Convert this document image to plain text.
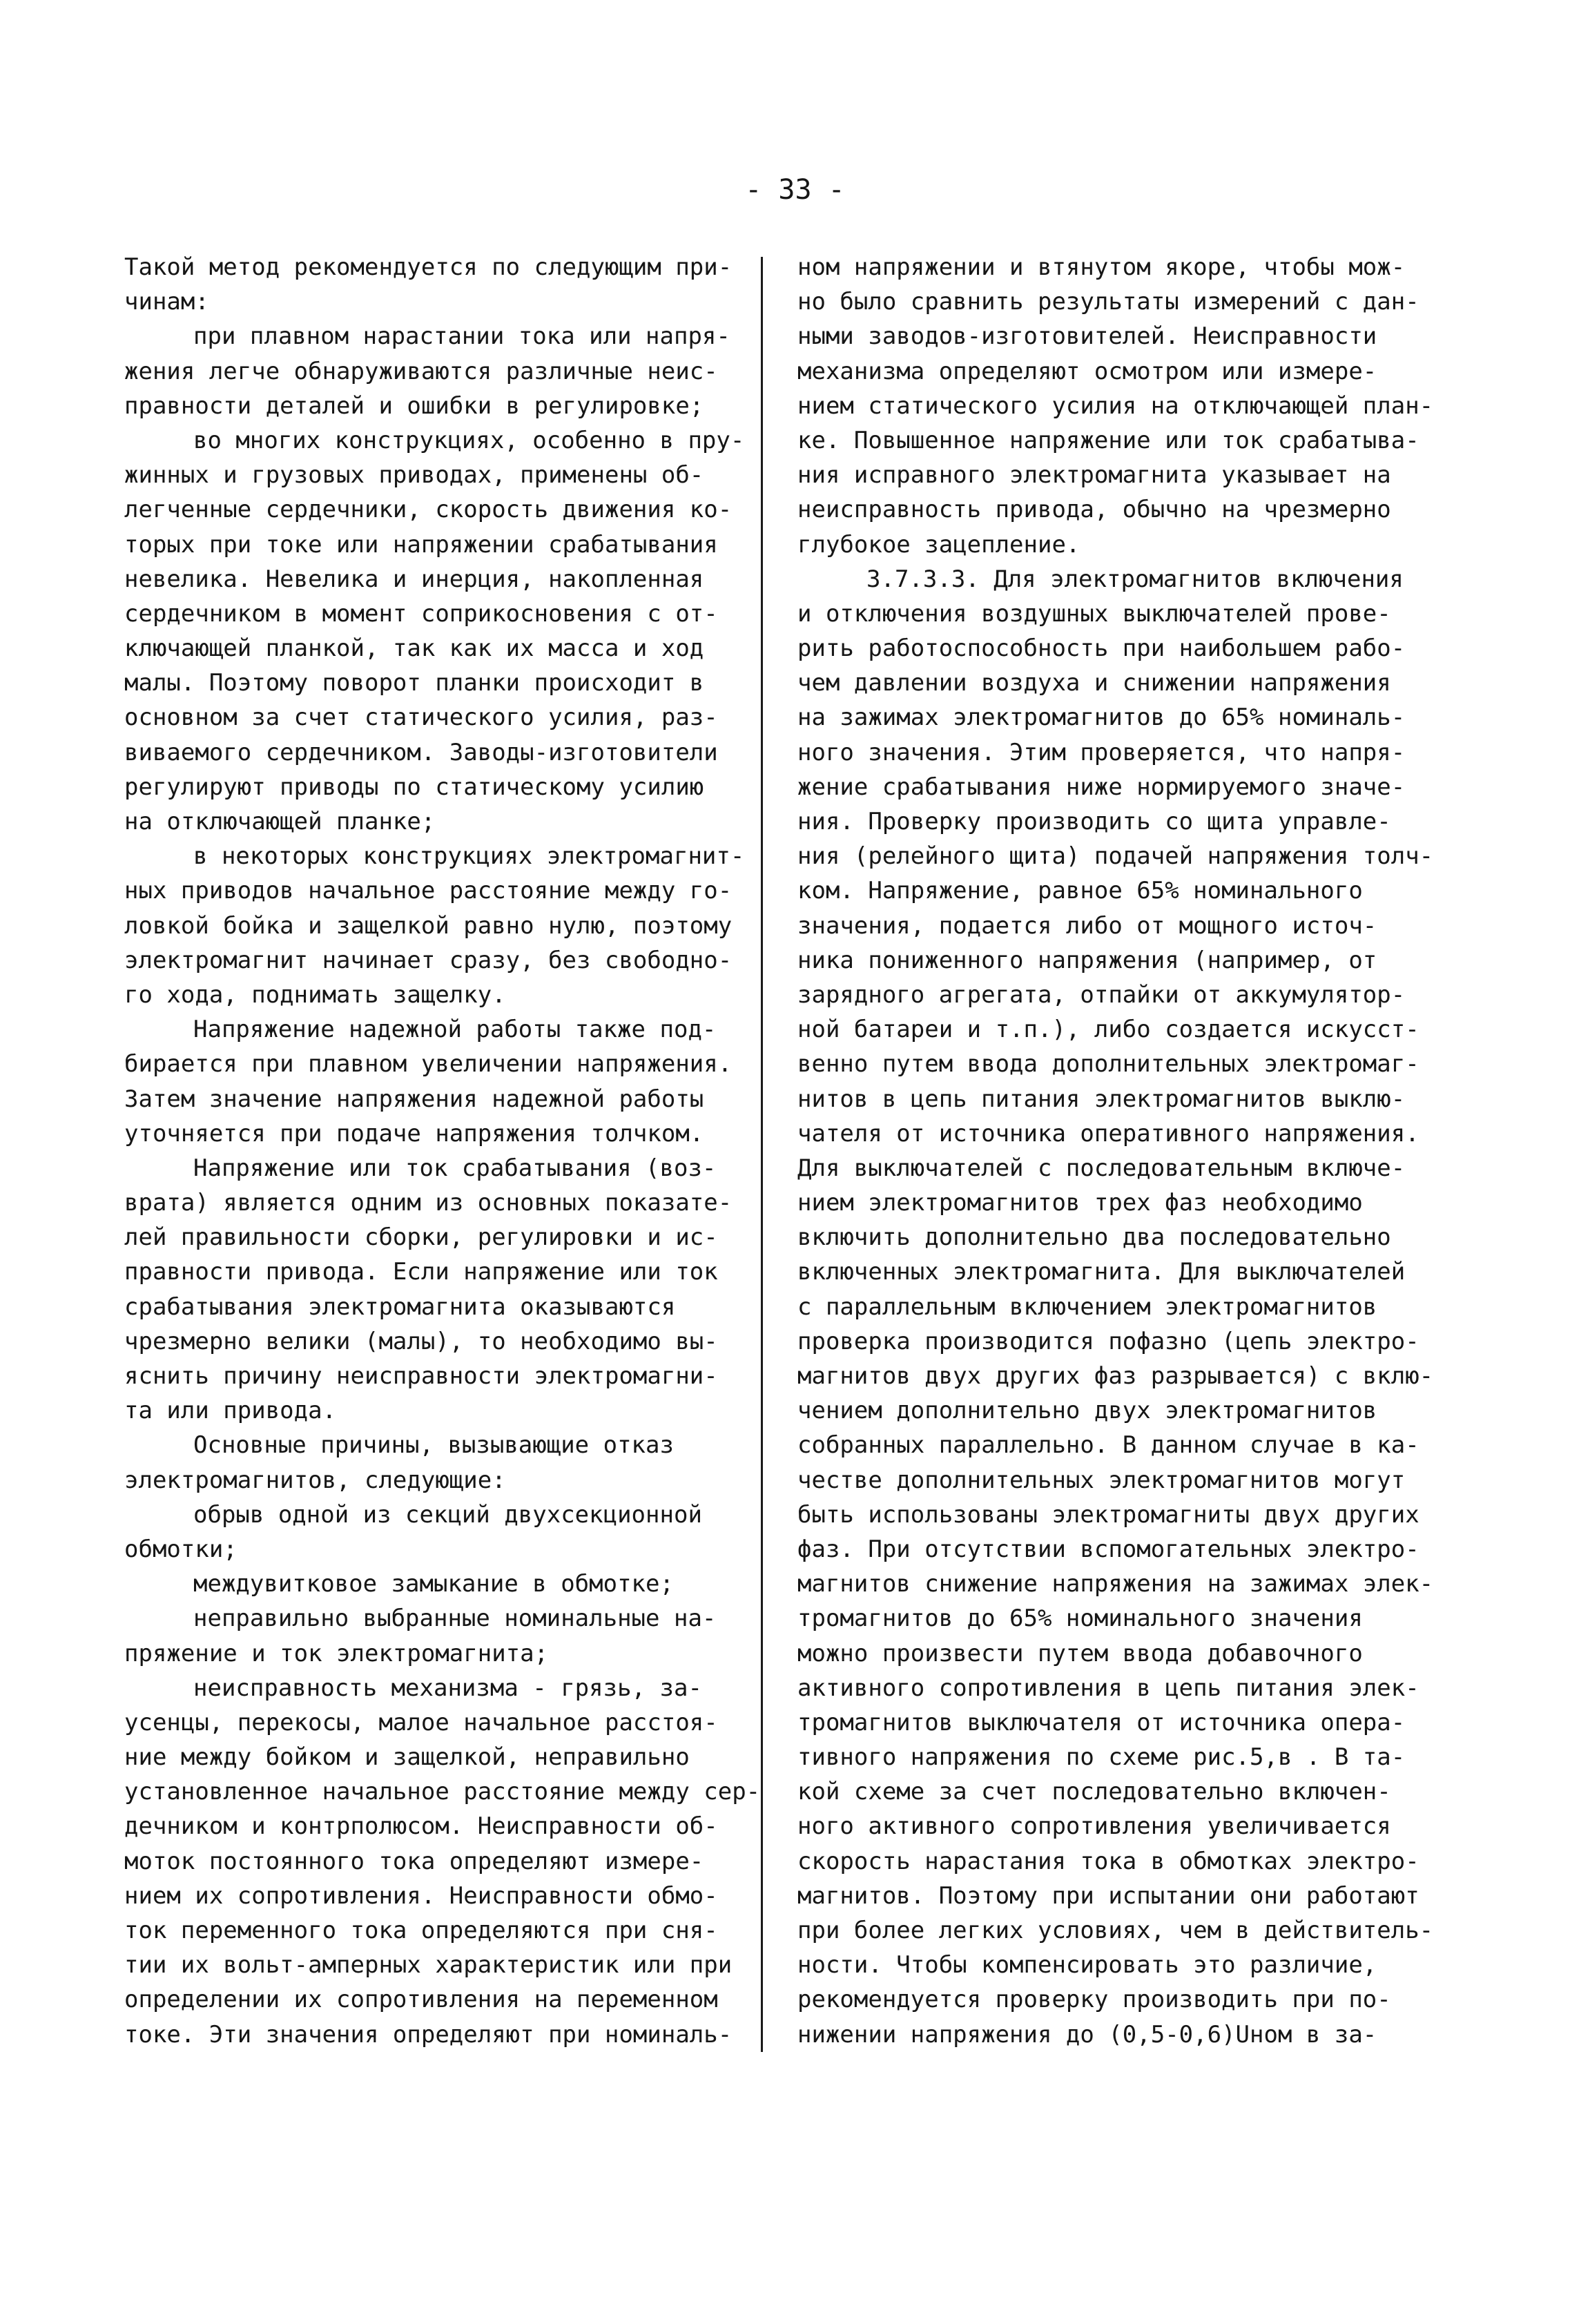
- 33 -
Такой метод рекомендуется по следующим при-
чинам:
при плавном нарастании тока или напря-
жения легче обнаруживаются различные неис-
правности деталей и ошибки в регулировке;
во многих конструкциях, особенно в пру-
жинных и грузовых приводах, применены об-
легченные сердечники, скорость движения ко-
торых при токе или напряжении срабатывания
невелика. Невелика и инерция, накопленная
сердечником в момент соприкосновения с от-
ключающей планкой, так как их масса и ход
малы. Поэтому поворот планки происходит в
основном за счет статического усилия, раз-
виваемого сердечником. Заводы-изготовители
регулируют приводы по статическому усилию
на отключающей планке;
в некоторых конструкциях электромагнит-
ных приводов начальное расстояние между го-
ловкой бойка и защелкой равно нулю, поэтому
электромагнит начинает сразу, без свободно-
го хода, поднимать защелку.
Напряжение надежной работы также под-
бирается при плавном увеличении напряжения.
Затем значение напряжения надежной работы
уточняется при подаче напряжения толчком.
Напряжение или ток срабатывания (воз-
врата) является одним из основных показате-
лей правильности сборки, регулировки и ис-
правности привода. Если напряжение или ток
срабатывания электромагнита оказываются
чрезмерно велики (малы), то необходимо вы-
яснить причину неисправности электромагни-
та или привода.
Основные причины, вызывающие отказ
электромагнитов, следующие:
обрыв одной из секций двухсекционной
обмотки;
междувитковое замыкание в обмотке;
неправильно выбранные номинальные на-
пряжение и ток электромагнита;
неисправность механизма - грязь, за-
усенцы, перекосы, малое начальное расстоя-
ние между бойком и защелкой, неправильно
установленное начальное расстояние между сер-
дечником и контрполюсом. Неисправности об-
моток постоянного тока определяют измере-
нием их сопротивления. Неисправности обмо-
ток переменного тока определяются при сня-
тии их вольт-амперных характеристик или при
определении их сопротивления на переменном
токе. Эти значения определяют при номиналь-
ном напряжении и втянутом якоре, чтобы мож-
но было сравнить результаты измерений с дан-
ными заводов-изготовителей. Неисправности
механизма определяют осмотром или измере-
нием статического усилия на отключающей план-
ке. Повышенное напряжение или ток срабатыва-
ния исправного электромагнита указывает на
неисправность привода, обычно на чрезмерно
глубокое зацепление.
3.7.3.3. Для электромагнитов включения
и отключения воздушных выключателей прове-
рить работоспособность при наибольшем рабо-
чем давлении воздуха и снижении напряжения
на зажимах электромагнитов до 65% номиналь-
ного значения. Этим проверяется, что напря-
жение срабатывания ниже нормируемого значе-
ния. Проверку производить со щита управле-
ния (релейного щита) подачей напряжения толч-
ком. Напряжение, равное 65% номинального
значения, подается либо от мощного источ-
ника пониженного напряжения (например, от
зарядного агрегата, отпайки от аккумулятор-
ной батареи и т.п.), либо создается искусст-
венно путем ввода дополнительных электромаг-
нитов в цепь питания электромагнитов выклю-
чателя от источника оперативного напряжения.
Для выключателей с последовательным включе-
нием электромагнитов трех фаз необходимо
включить дополнительно два последовательно
включенных электромагнита. Для выключателей
с параллельным включением электромагнитов
проверка производится пофазно (цепь электро-
магнитов двух других фаз разрывается) с вклю-
чением дополнительно двух электромагнитов
собранных параллельно. В данном случае в ка-
честве дополнительных электромагнитов могут
быть использованы электромагниты двух других
фаз. При отсутствии вспомогательных электро-
магнитов снижение напряжения на зажимах элек-
тромагнитов до 65% номинального значения
можно произвести путем ввода добавочного
активного сопротивления в цепь питания элек-
тромагнитов выключателя от источника опера-
тивного напряжения по схеме рис.5,в . В та-
кой схеме за счет последовательно включен-
ного активного сопротивления увеличивается
скорость нарастания тока в обмотках электро-
магнитов. Поэтому при испытании они работают
при более легких условиях, чем в действитель-
ности. Чтобы компенсировать это различие,
рекомендуется проверку производить при по-
нижении напряжения до (0,5-0,6)Uном в за-
